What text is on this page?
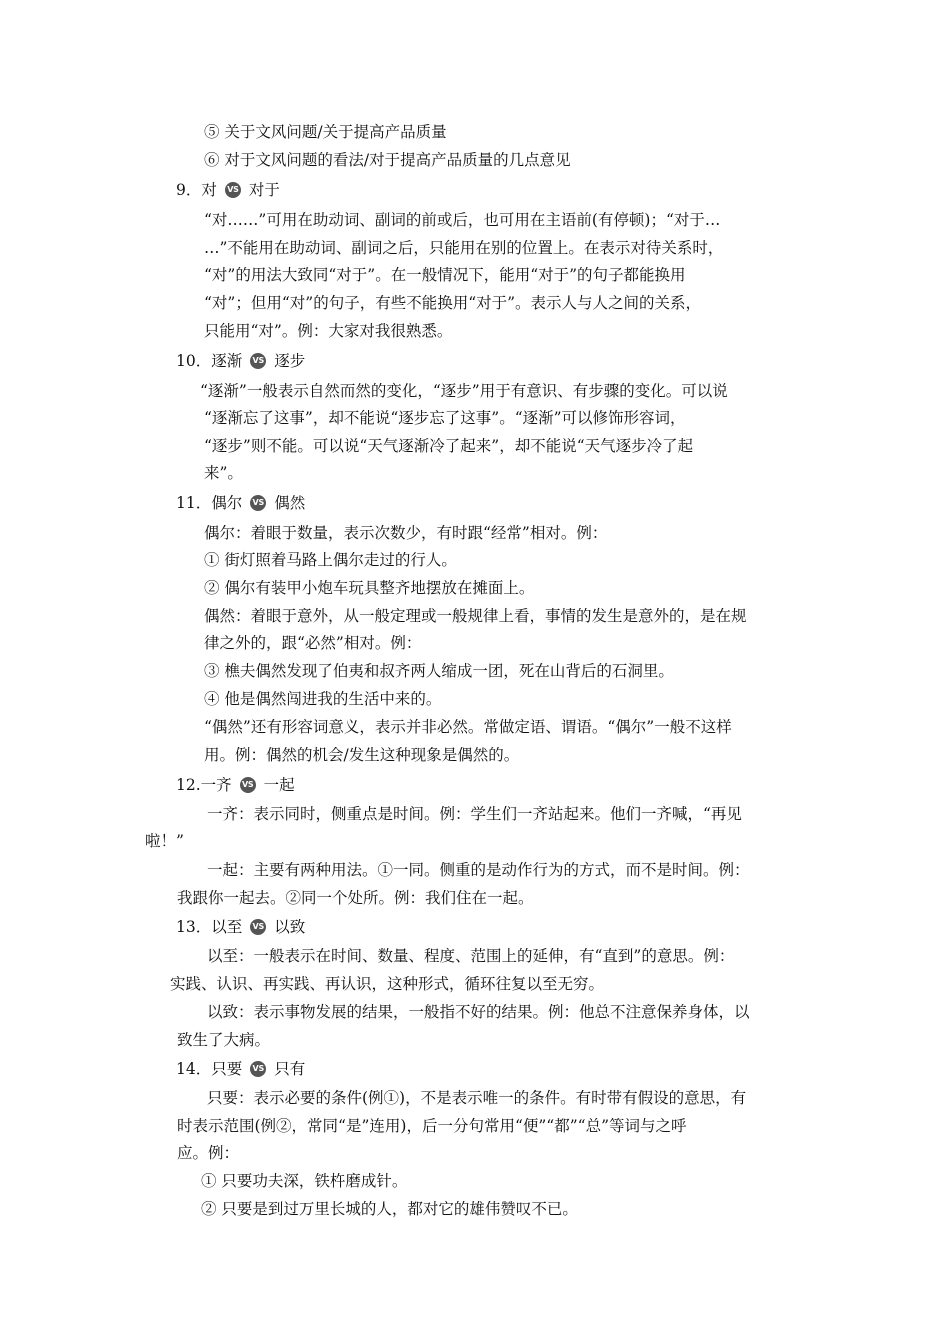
⑤ 关于文风问题/关于提高产品质量
⑥ 对于文风问题的看法/对于提高产品质量的几点意见
9．对 VS 对于
“对……”可用在助动词、副词的前或后，也可用在主语前(有停顿)；“对于…
…”不能用在助动词、副词之后，只能用在别的位置上。在表示对待关系时，
“对”的用法大致同“对于”。在一般情况下，能用“对于”的句子都能换用
“对”；但用“对”的句子，有些不能换用“对于”。表示人与人之间的关系，
只能用“对”。例：大家对我很熟悉。
10．逐渐 VS 逐步
“逐渐”一般表示自然而然的变化，“逐步”用于有意识、有步骤的变化。可以说
“逐渐忘了这事”，却不能说“逐步忘了这事”。“逐渐”可以修饰形容词，
“逐步”则不能。可以说“天气逐渐冷了起来”，却不能说“天气逐步冷了起
来”。
11．偶尔 VS 偶然
偶尔：着眼于数量，表示次数少，有时跟“经常”相对。例：
① 街灯照着马路上偶尔走过的行人。
② 偶尔有装甲小炮车玩具整齐地摆放在摊面上。
偶然：着眼于意外，从一般定理或一般规律上看，事情的发生是意外的，是在规
律之外的，跟“必然”相对。例：
③ 樵夫偶然发现了伯夷和叔齐两人缩成一团，死在山背后的石洞里。
④ 他是偶然闯进我的生活中来的。
“偶然”还有形容词意义，表示并非必然。常做定语、谓语。“偶尔”一般不这样
用。例：偶然的机会/发生这种现象是偶然的。
12.一齐 VS 一起
一齐：表示同时，侧重点是时间。例：学生们一齐站起来。他们一齐喊，“再见
啦！”
一起：主要有两种用法。①一同。侧重的是动作行为的方式，而不是时间。例：
我跟你一起去。②同一个处所。例：我们住在一起。
13．以至 VS 以致
以至：一般表示在时间、数量、程度、范围上的延伸，有“直到”的意思。例：
实践、认识、再实践、再认识，这种形式，循环往复以至无穷。
以致：表示事物发展的结果，一般指不好的结果。例：他总不注意保养身体，以
致生了大病。
14．只要 VS 只有
只要：表示必要的条件(例①)，不是表示唯一的条件。有时带有假设的意思，有
时表示范围(例②，常同“是”连用)，后一分句常用“便”“都”“总”等词与之呼
应。例：
① 只要功夫深，铁杵磨成针。
② 只要是到过万里长城的人，都对它的雄伟赞叹不已。
